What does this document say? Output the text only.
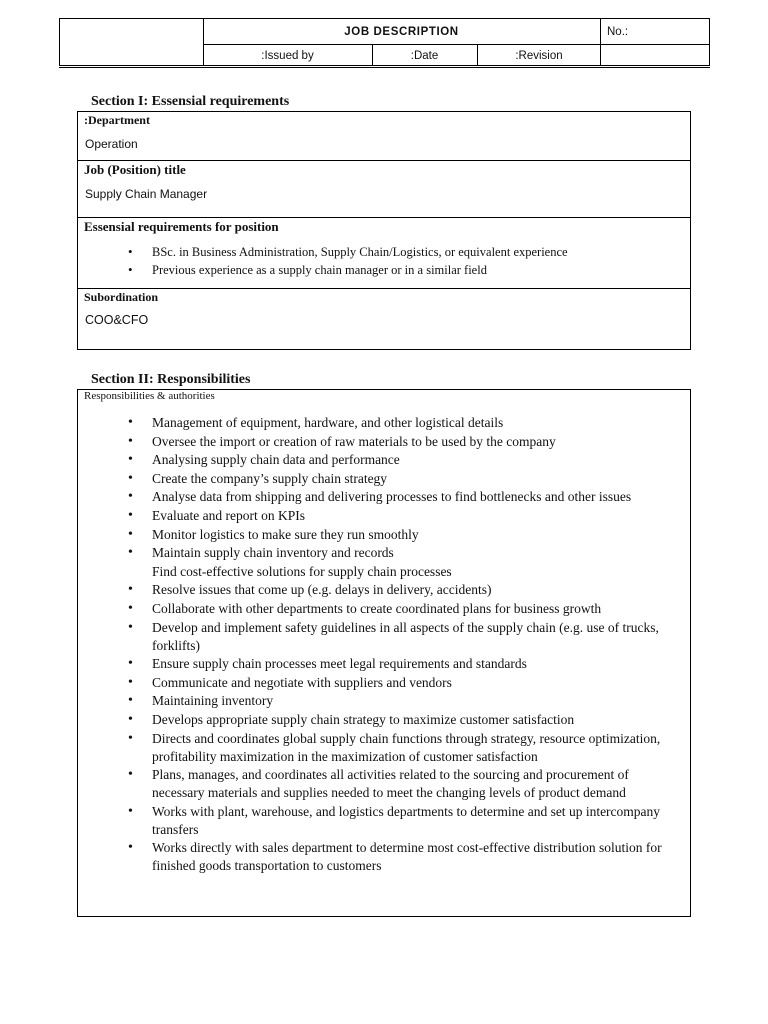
JOB DESCRIPTION	No.:
:Issued by	:Date	:Revision
Section I: Essensial requirements
:Department
Operation
Job (Position) title
Supply Chain Manager
Essensial requirements for position
• BSc. in Business Administration, Supply Chain/Logistics, or equivalent experience
• Previous experience as a supply chain manager or in a similar field
Subordination
COO&CFO
Section II: Responsibilities
Responsibilities & authorities
• Management of equipment, hardware, and other logistical details
• Oversee the import or creation of raw materials to be used by the company
• Analysing supply chain data and performance
• Create the company’s supply chain strategy
• Analyse data from shipping and delivering processes to find bottlenecks and other issues
• Evaluate and report on KPIs
• Monitor logistics to make sure they run smoothly
• Maintain supply chain inventory and records
Find cost-effective solutions for supply chain processes
• Resolve issues that come up (e.g. delays in delivery, accidents)
• Collaborate with other departments to create coordinated plans for business growth
• Develop and implement safety guidelines in all aspects of the supply chain (e.g. use of trucks, forklifts)
• Ensure supply chain processes meet legal requirements and standards
• Communicate and negotiate with suppliers and vendors
• Maintaining inventory
• Develops appropriate supply chain strategy to maximize customer satisfaction
• Directs and coordinates global supply chain functions through strategy, resource optimization, profitability maximization in the maximization of customer satisfaction
• Plans, manages, and coordinates all activities related to the sourcing and procurement of necessary materials and supplies needed to meet the changing levels of product demand
• Works with plant, warehouse, and logistics departments to determine and set up intercompany transfers
• Works directly with sales department to determine most cost-effective distribution solution for finished goods transportation to customers
